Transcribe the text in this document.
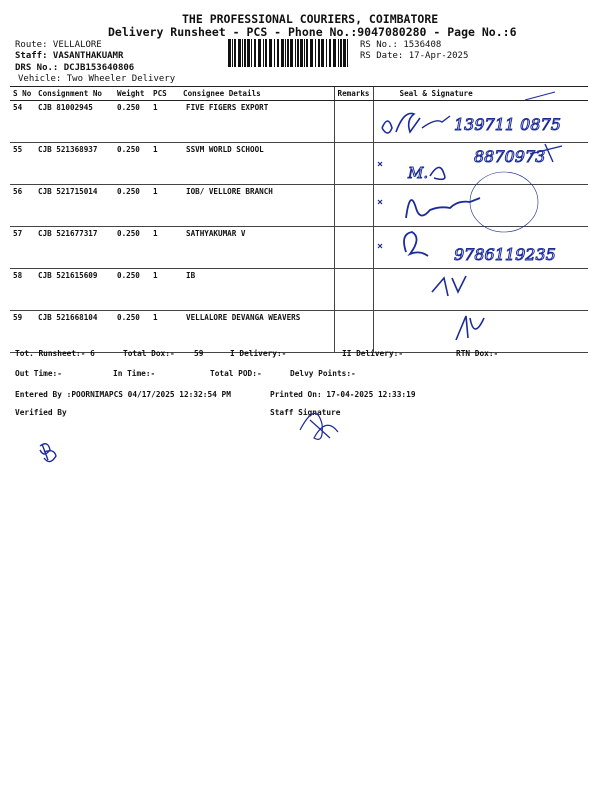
THE PROFESSIONAL COURIERS, COIMBATORE
Delivery Runsheet - PCS - Phone No.:9047080280 - Page No.:6
Route: VELLALORE
Staff: VASANTHAKUAMR
DRS No.: DCJB153640806
Vehicle: Two Wheeler Delivery
RS No.: 1536408
RS Date: 17-Apr-2025
S No	Consignment No	Weight	PCS	Consignee Details	Remarks	Seal & Signature
54	CJB 81002945	0.250	1	FIVE FIGERS EXPORT		
55	CJB 521368937	0.250	1	SSVM WORLD SCHOOL		
56	CJB 521715014	0.250	1	IOB/ VELLORE BRANCH		
57	CJB 521677317	0.250	1	SATHYAKUMAR V		
58	CJB 521615609	0.250	1	IB		
59	CJB 521668104	0.250	1	VELLALORE DEVANGA WEAVERS		
139711 0875
M.
8870973
9786119235
Tot. Runsheet:- 6	Total Dox:- 59	I Delivery:-	II Delivery:-	RTN Dox:-
Out Time:-	In Time:-	Total POD:-	Delvy Points:-
Entered By :POORNIMAPCS 04/17/2025 12:32:54 PM	Printed On: 17-04-2025 12:33:19
Verified By	Staff Signature
